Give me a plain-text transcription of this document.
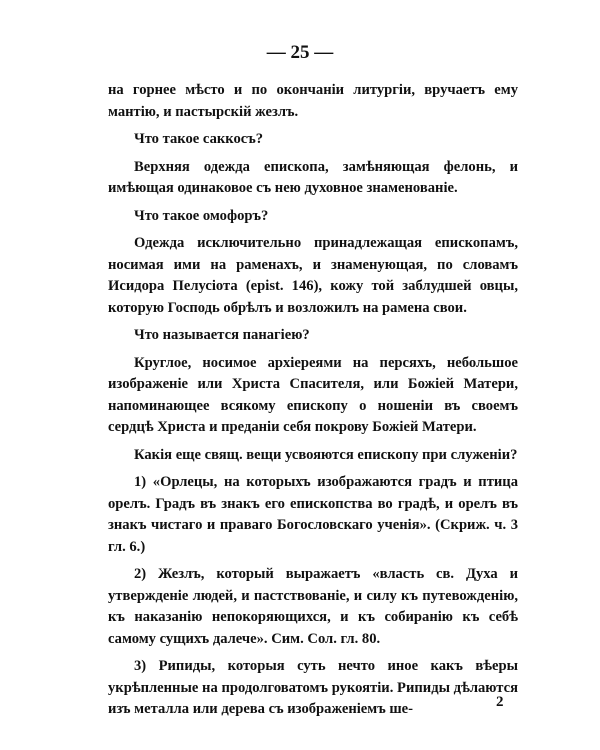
— 25 —

на горнее мѣсто и по окончаніи литургіи, вручаетъ ему мантію, и пастырскій жезлъ.

Что такое саккосъ?

Верхняя одежда епископа, замѣняющая фелонь, и имѣющая одинаковое съ нею духовное знаменованіе.

Что такое омофоръ?

Одежда исключительно принадлежащая епископамъ, носимая ими на раменахъ, и знаменующая, по словамъ Исидора Пелусіота (epist. 146), кожу той заблудшей овцы, которую Господь обрѣлъ и возложилъ на рамена свои.

Что называется панагіею?

Круглое, носимое архіереями на персяхъ, небольшое изображеніе или Христа Спасителя, или Божіей Матери, напоминающее всякому епископу о ношеніи въ своемъ сердцѣ Христа и преданіи себя покрову Божіей Матери.

Какія еще свящ. вещи усвояются епископу при служеніи?

1) «Орлецы, на которыхъ изображаются градъ и птица орелъ. Градъ въ знакъ его епископства во градѣ, и орелъ въ знакъ чистаго и праваго Богословскаго ученія». (Скриж. ч. 3 гл. 6.)

2) Жезлъ, который выражаетъ «власть св. Духа и утвержденіе людей, и пастствованіе, и силу къ путевожденію, къ наказанію непокоряющихся, и къ собиранію къ себѣ самому сущихъ далече». Сим. Сол. гл. 80.

3) Рипиды, которыя суть нечто иное какъ вѣеры укрѣпленные на продолговатомъ рукоятіи. Рипиды дѣлаются изъ металла или дерева съ изображеніемъ ше-	2
